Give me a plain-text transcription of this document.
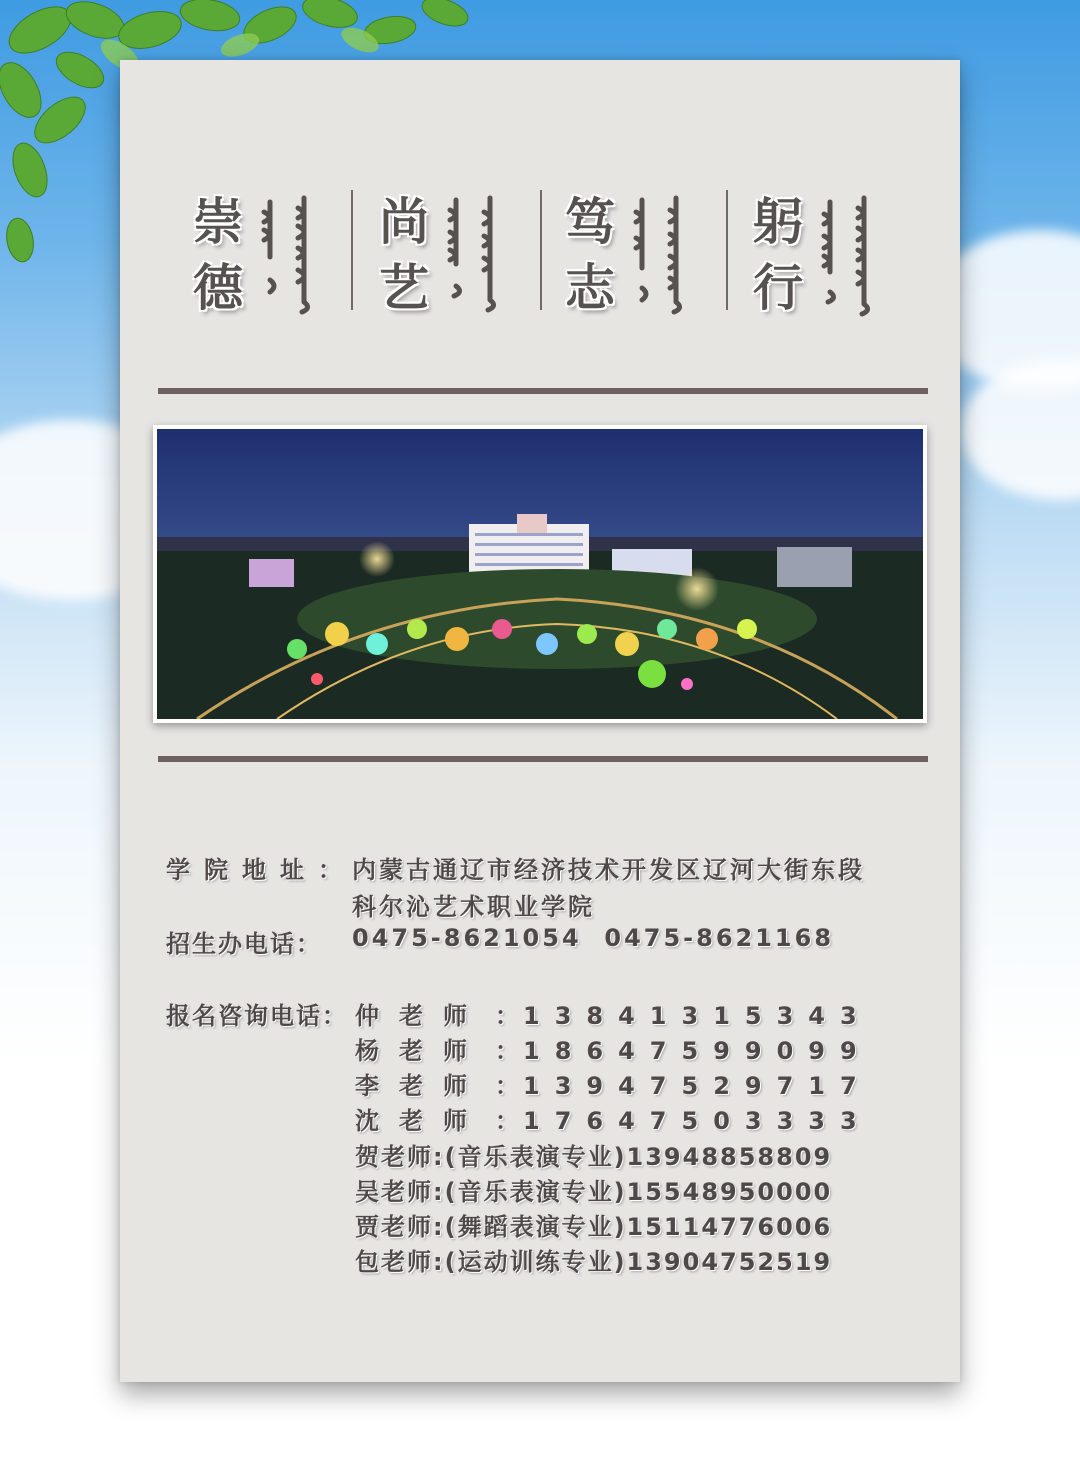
崇
德
尚
艺
笃
志
躬
行
学院地址：
内蒙古通辽市经济技术开发区辽河大街东段
科尔沁艺术职业学院
招生办电话： 0475-8621054  0475-8621168
报名咨询电话： 仲老师 ： 13841315343
杨老师 ： 18647599099
李老师 ： 13947529717
沈老师 ： 17647503333
贺老师:(音乐表演专业)13948858809
吴老师:(音乐表演专业)15548950000
贾老师:(舞蹈表演专业)15114776006
包老师:(运动训练专业)13904752519
